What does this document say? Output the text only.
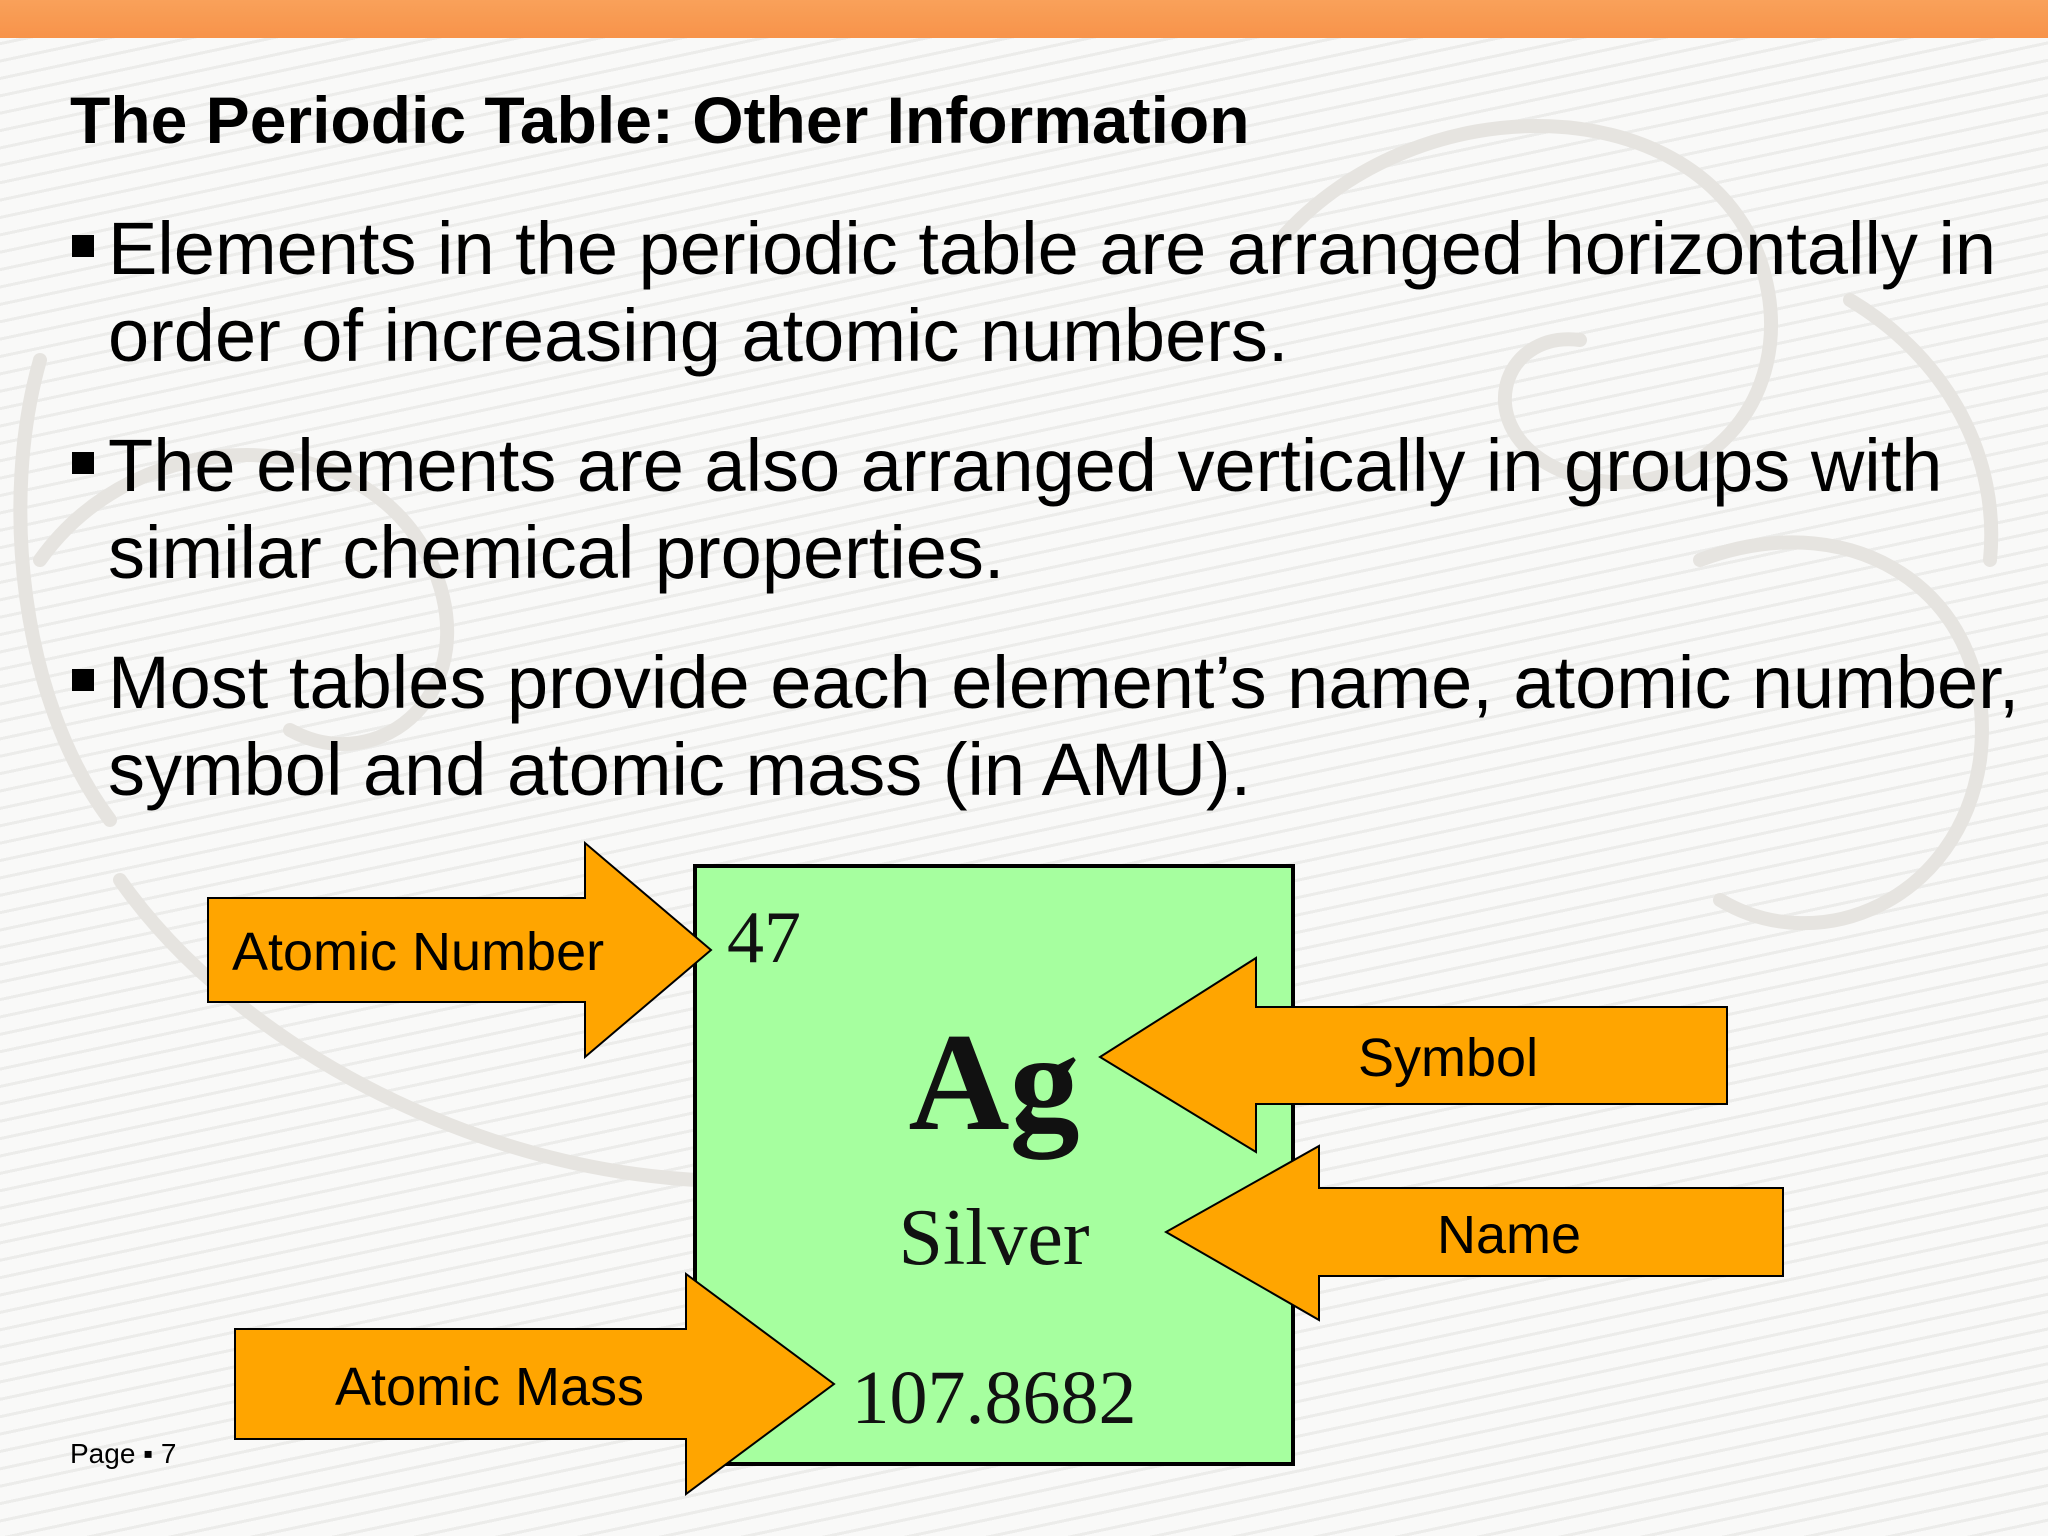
The Periodic Table: Other Information
Elements in the periodic table are arranged horizontally in order of increasing atomic numbers.
The elements are also arranged vertically in groups with similar chemical properties.
Most tables provide each element’s name, atomic number, symbol and atomic mass (in AMU).
47
Ag
Silver
107.8682
Atomic Number
Symbol
Name
Atomic Mass
Page ▪ 7
